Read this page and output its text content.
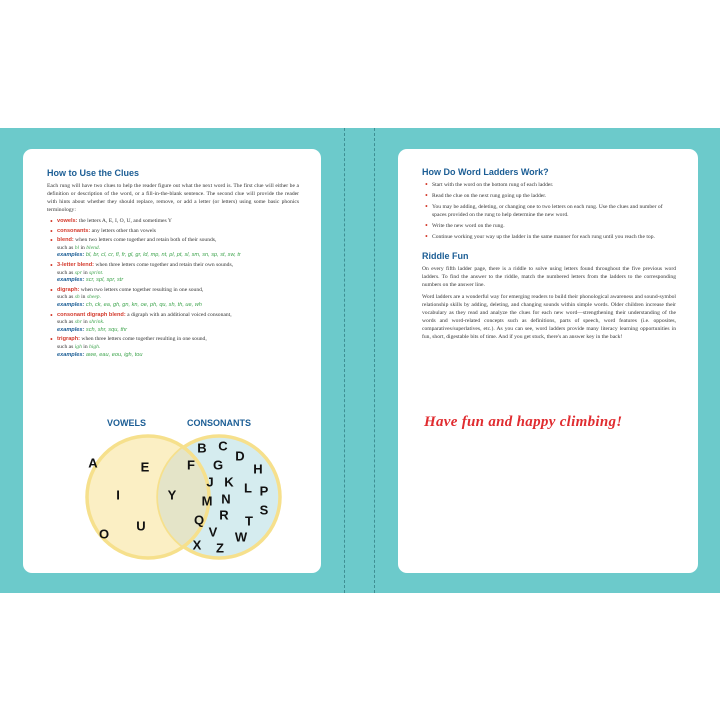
How to Use the Clues

Each rung will have two clues to help the reader figure out what the next word is. The first clue will either be a definition or description of the word, or a fill-in-the-blank sentence. The second clue will provide the reader with hints about whether they should replace, remove, or add a letter (or letters) using some basic phonics terminology:

• vowels: the letters A, E, I, O, U, and sometimes Y
• consonants: any letters other than vowels
• blend: when two letters come together and retain both of their sounds,
such as bl in blend.
examples: bl, br, cl, cr, fl, fr, gl, gr, ld, mp, nt, pl, pt, sl, sm, sn, sp, st, sw, tr
• 3-letter blend: when three letters come together and retain their own sounds,
such as spr in sprint.
examples: scr, spl, spr, str
• digraph: when two letters come together resulting in one sound,
such as sh in sheep.
examples: ch, ck, ea, gh, gn, kn, oe, ph, qu, sh, th, ue, wh
• consonant digraph blend: a digraph with an additional voiced consonant,
such as shr in shrink.
examples: sch, shr, squ, thr
• trigraph: when three letters come together resulting in one sound,
such as igh in high.
examples: awe, eau, eou, igh, tou
VOWELS	CONSONANTS
A	E
I
U
O
Y
B C
F G
D
H
J K L P
M N
S
Q R T
V W
X Z
How Do Word Ladders Work?
• Start with the word on the bottom rung of each ladder.
• Read the clue on the next rung going up the ladder.
• You may be adding, deleting, or changing one to two letters on each rung. Use the clues and number of spaces provided on the rung to help determine the new word.
• Write the new word on the rung.
• Continue working your way up the ladder in the same manner for each rung until you reach the top.
Riddle Fun

On every fifth ladder page, there is a riddle to solve using letters found throughout the five previous word ladders. To find the answer to the riddle, match the numbered letters from the ladders to the corresponding numbers on the answer line.

Word ladders are a wonderful way for emerging readers to build their phonological awareness and sound-symbol relationship skills by adding, deleting, and changing sounds within simple words. Older children increase their vocabulary as they read and analyze the clues for each new word—strengthening their understanding of the words and word-related concepts such as definitions, parts of speech, word features (i.e. opposites, comparatives/superlatives, etc.). As you can see, word ladders provide many literacy learning opportunities in fun, short, digestable bits of time. And if you get stuck, there's an answer key in the back!

Have fun and happy climbing!
